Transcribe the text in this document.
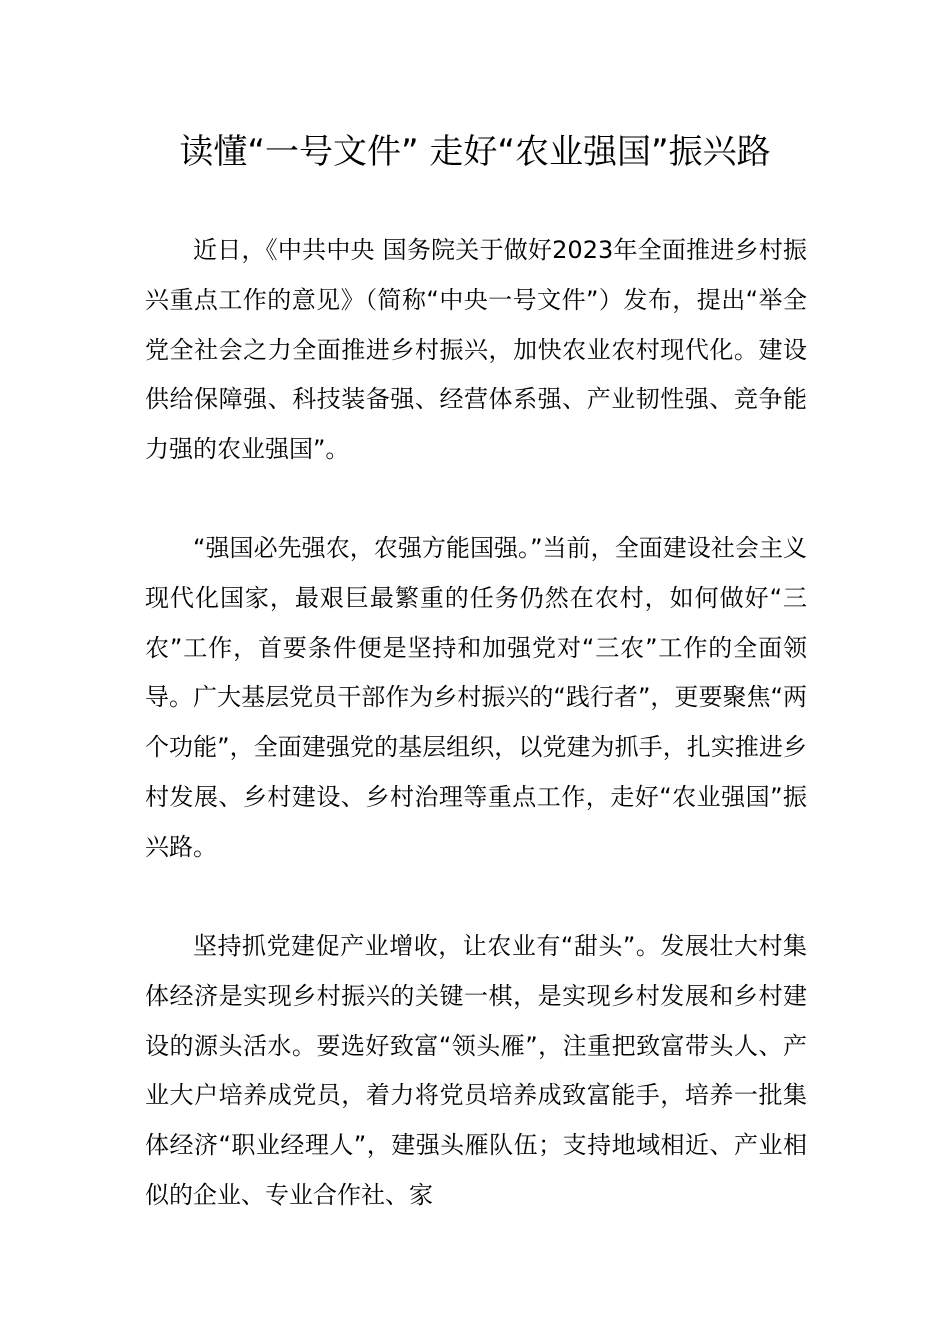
读懂“一号文件” 走好“农业强国”振兴路

近日，《中共中央 国务院关于做好2023年全面推进乡村振兴重点工作的意见》（简称“中央一号文件”）发布，提出“举全党全社会之力全面推进乡村振兴，加快农业农村现代化。建设供给保障强、科技装备强、经营体系强、产业韧性强、竞争能力强的农业强国”。

“强国必先强农，农强方能国强。”当前，全面建设社会主义现代化国家，最艰巨最繁重的任务仍然在农村，如何做好“三农”工作，首要条件便是坚持和加强党对“三农”工作的全面领导。广大基层党员干部作为乡村振兴的“践行者”，更要聚焦“两个功能”，全面建强党的基层组织，以党建为抓手，扎实推进乡村发展、乡村建设、乡村治理等重点工作，走好“农业强国”振兴路。

坚持抓党建促产业增收，让农业有“甜头”。发展壮大村集体经济是实现乡村振兴的关键一棋，是实现乡村发展和乡村建设的源头活水。要选好致富“领头雁”，注重把致富带头人、产业大户培养成党员，着力将党员培养成致富能手，培养一批集体经济“职业经理人”，建强头雁队伍；支持地域相近、产业相似的企业、专业合作社、家
